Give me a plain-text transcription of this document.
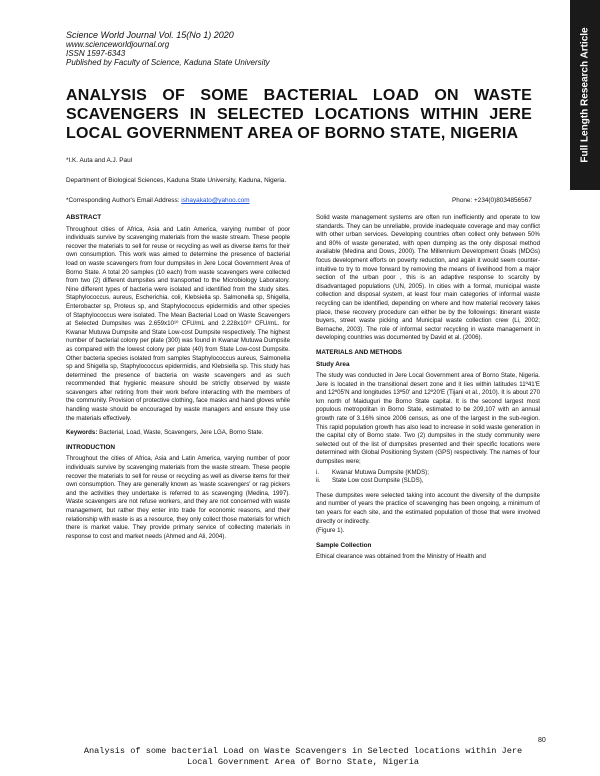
Science World Journal Vol. 15(No 1) 2020

www.scienceworldjournal.org

ISSN 1597-6343

Published by Faculty of Science, Kaduna State University	Full Length Research Article
ANALYSIS OF SOME BACTERIAL LOAD ON WASTE SCAVENGERS IN SELECTED LOCATIONS WITHIN JERE LOCAL GOVERNMENT AREA OF BORNO STATE, NIGERIA

*I.K. Auta and A.J. Paul

Department of Biological Sciences, Kaduna State University, Kaduna, Nigeria.

*Corresponding Author's Email Address: ishayakato@yahoo.com	Phone: +234(0)8034856567

ABSTRACT

Throughout cities of Africa, Asia and Latin America, varying number of poor individuals survive by scavenging materials from the waste stream. These people recover the materials to sell for reuse or recycling as well as diverse items for their own consumption. This work was aimed to determine the presence of bacterial load on waste scavengers from four dumpsites in Jere Local Government Area of Borno State. A total 20 samples (10 each) from waste scavengers were collected from two (2) different dumpsites and transported to the Microbiology Laboratory. Nine different types of bacteria were isolated and identified from the study sites. Staphylococcus. aureus, Escherichia. coli, Klebsiella sp. Salmonella sp, Shigella, Enterobacter sp, Proteus sp, and Staphylococcus epidermidis and other species of Staphylococcus were isolated. The Mean Bacterial Load on Waste Scavengers at Selected Dumpsites was 2.659x10¹⁰ CFU/mL and 2.228x10¹⁰ CFU/mL. for Kwanar Mutuwa Dumpsite and State Low-cost Dumpsite respectively. The highest number of bacterial colony per plate (300) was found in Kwanar Mutuwa Dumpsite as compared with the lowest colony per plate (40) from State Low-cost Dumpsite. Other bacteria species isolated from samples Staphylococcus aureus, Salmonella sp and Shigella sp, Staphylococcus epidermidis, and Klebsiella sp. This study has determined the presence of bacteria on waste scavengers and as such recommended that hygienic measure should be strictly observed by waste scavengers after retiring from their work before interacting with the members of the community. Provision of protective clothing, face masks and hand gloves while handling waste should be encouraged by waste managers and ensure they use the materials effectively.

Keywords: Bacterial, Load, Waste, Scavengers, Jere LGA, Borno State.

INTRODUCTION

Throughout the cities of Africa, Asia and Latin America, varying number of poor individuals survive by scavenging materials from the waste stream. These people recover the materials to sell for reuse or recycling as well as diverse items for their own consumption. They are generally known as 'waste scavengers' or rag pickers and the activities they undertake is referred to as scavenging (Medina, 1997). Waste scavengers are not refuse workers, and they are not concerned with waste management, but rather they enter into trade for economic reasons, and their relationship with waste is as a resource, they only collect those materials for which there is market value. They provide primary service of collecting materials in response to cost and market needs (Ahmed and Ali, 2004).

Solid waste management systems are often run inefficiently and operate to low standards. They can be unreliable, provide inadequate coverage and may conflict with other urban services. Developing countries often collect only between 50% and 80% of waste generated, with open dumping as the only disposal method available (Medina and Dows, 2000). The Millennium Development Goals (MDGs) focus development efforts on poverty reduction, and again it would seem counter-intuitive to try to move forward by removing the means of livelihood from a major section of the urban poor , this is an adaptive response to scarcity by disadvantaged populations (UN, 2005). In cities with a formal, municipal waste collection and disposal system, at least four main categories of informal waste recycling can be identified, depending on where and how material recovery takes place, these recovery procedure can either be by the followings: itinerant waste buyers, street waste picking and Municipal waste collection crew (Li, 2002; Bernache, 2003). The role of informal sector recycling in waste management in developing countries was documented by David et al. (2006).

MATERIALS AND METHODS
Study Area

The study was conducted in Jere Local Government area of Borno State, Nigeria. Jere is located in the transitional desert zone and it lies within latitudes 11º41'E and 12º05'N and longitudes 13º50' and 12º20'E (Tijani et al., 2010). It is about 270 km north of Maiduguri the Borno State capital. It is the second largest most populous metropolitan in Borno State, estimated to be 209,107 with an annual growth rate of 3.16% since 2006 census, as one of the largest in the sub-region. This rapid population growth has also lead to increase in solid waste generation in the capital city of Borno state. Two (2) dumpsites in the study community were selected out of the list of dumpsites presented and their specific locations were determined with Global Positioning System (GPS) respectively. The names of four dumpsites were;

i.	Kwanar Mutuwa Dumpsite (KMDS);
ii.	State Low cost Dumpsite (SLDS),

These dumpsites were selected taking into account the diversity of the dumpsite and number of years the practice of scavenging has been ongoing, a minimum of ten years for each site, and the estimated population of those that were involved directly or indirectly.

(Figure 1).

Sample Collection

Ethical clearance was obtained from the Ministry of Health and

80

Analysis of some bacterial Load on Waste Scavengers in Selected locations within Jere Local Government Area of Borno State, Nigeria
